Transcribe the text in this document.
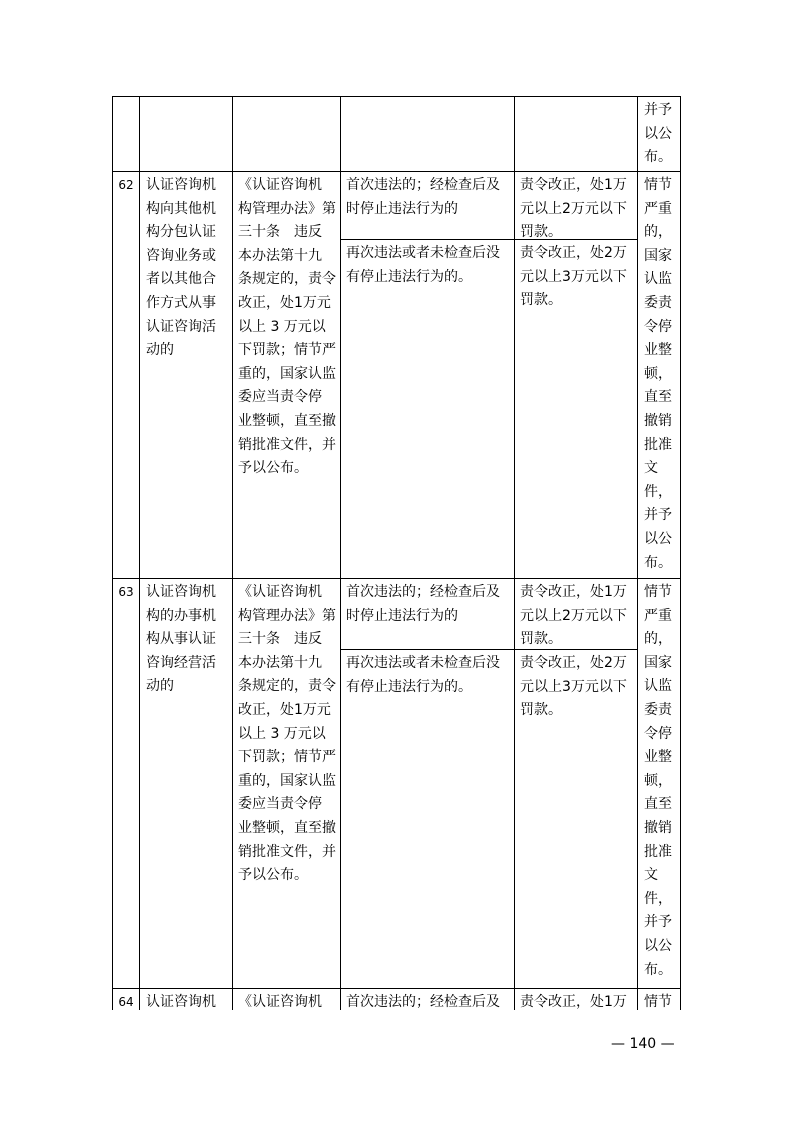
并予
以公
布。
62 认证咨询机
构向其他机
构分包认证
咨询业务或
者以其他合
作方式从事
认证咨询活
动的
《认证咨询机
构管理办法》第
三十条　违反
本办法第十九
条规定的，责令
改正，处1万元
以上 3 万元以
下罚款；情节严
重的，国家认监
委应当责令停
业整顿，直至撤
销批准文件，并
予以公布。
首次违法的；经检查后及
时停止违法行为的
责令改正，处1万
元以上2万元以下
罚款。
情节
严重
的，
国家
认监
委责
令停
业整
顿，
直至
撤销
批准
文
件，
并予
以公
布。
再次违法或者未检查后没
有停止违法行为的。
责令改正，处2万
元以上3万元以下
罚款。
63 认证咨询机
构的办事机
构从事认证
咨询经营活
动的
《认证咨询机
构管理办法》第
三十条　违反
本办法第十九
条规定的，责令
改正，处1万元
以上 3 万元以
下罚款；情节严
重的，国家认监
委应当责令停
业整顿，直至撤
销批准文件，并
予以公布。
首次违法的；经检查后及
时停止违法行为的
责令改正，处1万
元以上2万元以下
罚款。
情节
严重
的，
国家
认监
委责
令停
业整
顿，
直至
撤销
批准
文
件，
并予
以公
布。
再次违法或者未检查后没
有停止违法行为的。
责令改正，处2万
元以上3万元以下
罚款。
64 认证咨询机 《认证咨询机 首次违法的；经检查后及 责令改正，处1万 情节
— 140 —
